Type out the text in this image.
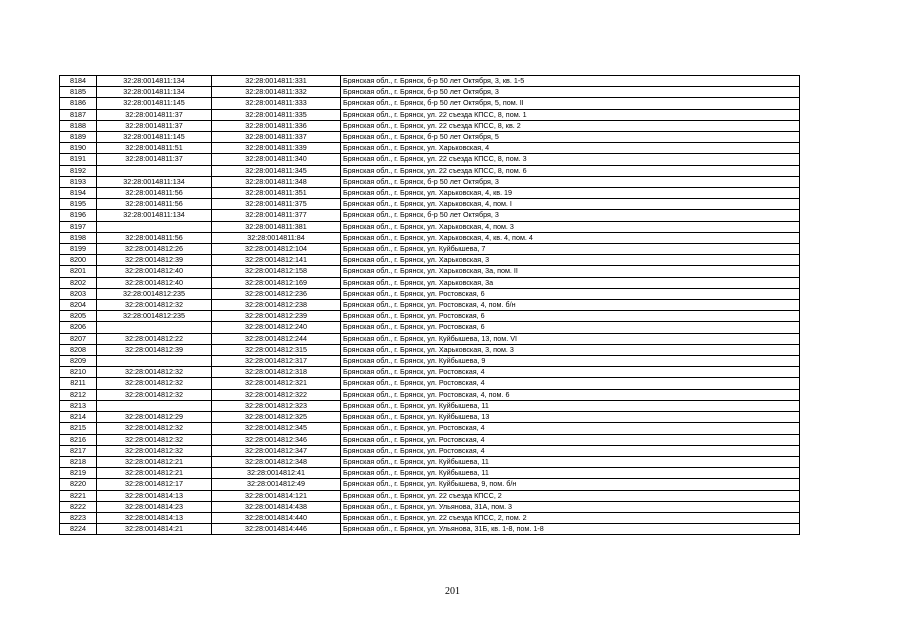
8184	32:28:0014811:134	32:28:0014811:331	Брянская обл., г. Брянск, б-р 50 лет Октября, 3, кв. 1-5
8185	32:28:0014811:134	32:28:0014811:332	Брянская обл., г. Брянск, б-р 50 лет Октября, 3
8186	32:28:0014811:145	32:28:0014811:333	Брянская обл., г. Брянск, б-р 50 лет Октября, 5, пом. II
8187	32:28:0014811:37	32:28:0014811:335	Брянская обл., г. Брянск, ул. 22 съезда КПСС, 8, пом. 1
8188	32:28:0014811:37	32:28:0014811:336	Брянская обл., г. Брянск, ул. 22 съезда КПСС, 8, кв. 2
8189	32:28:0014811:145	32:28:0014811:337	Брянская обл., г. Брянск, б-р 50 лет Октября, 5
8190	32:28:0014811:51	32:28:0014811:339	Брянская обл., г. Брянск, ул. Харьковская, 4
8191	32:28:0014811:37	32:28:0014811:340	Брянская обл., г. Брянск, ул. 22 съезда КПСС, 8, пом. 3
8192		32:28:0014811:345	Брянская обл., г. Брянск, ул. 22 съезда КПСС, 8, пом. 6
8193	32:28:0014811:134	32:28:0014811:348	Брянская обл., г. Брянск, б-р 50 лет Октября, 3
8194	32:28:0014811:56	32:28:0014811:351	Брянская обл., г. Брянск, ул. Харьковская, 4, кв. 19
8195	32:28:0014811:56	32:28:0014811:375	Брянская обл., г. Брянск, ул. Харьковская, 4, пом. I
8196	32:28:0014811:134	32:28:0014811:377	Брянская обл., г. Брянск, б-р 50 лет Октября, 3
8197		32:28:0014811:381	Брянская обл., г. Брянск, ул. Харьковская, 4, пом. 3
8198	32:28:0014811:56	32:28:0014811:84	Брянская обл., г. Брянск, ул. Харьковская, 4, кв. 4, пом. 4
8199	32:28:0014812:26	32:28:0014812:104	Брянская обл., г. Брянск, ул. Куйбышева, 7
8200	32:28:0014812:39	32:28:0014812:141	Брянская обл., г. Брянск, ул. Харьковская, 3
8201	32:28:0014812:40	32:28:0014812:158	Брянская обл., г. Брянск, ул. Харьковская, 3а, пом. II
8202	32:28:0014812:40	32:28:0014812:169	Брянская обл., г. Брянск, ул. Харьковская, 3а
8203	32:28:0014812:235	32:28:0014812:236	Брянская обл., г. Брянск, ул. Ростовская, 6
8204	32:28:0014812:32	32:28:0014812:238	Брянская обл., г. Брянск, ул. Ростовская, 4, пом. б/н
8205	32:28:0014812:235	32:28:0014812:239	Брянская обл., г. Брянск, ул. Ростовская, 6
8206		32:28:0014812:240	Брянская обл., г. Брянск, ул. Ростовская, 6
8207	32:28:0014812:22	32:28:0014812:244	Брянская обл., г. Брянск, ул. Куйбышева, 13, пом. VI
8208	32:28:0014812:39	32:28:0014812:315	Брянская обл., г. Брянск, ул. Харьковская, 3, пом. 3
8209		32:28:0014812:317	Брянская обл., г. Брянск, ул. Куйбышева, 9
8210	32:28:0014812:32	32:28:0014812:318	Брянская обл., г. Брянск, ул. Ростовская, 4
8211	32:28:0014812:32	32:28:0014812:321	Брянская обл., г. Брянск, ул. Ростовская, 4
8212	32:28:0014812:32	32:28:0014812:322	Брянская обл., г. Брянск, ул. Ростовская, 4, пом. 6
8213		32:28:0014812:323	Брянская обл., г. Брянск, ул. Куйбышева, 11
8214	32:28:0014812:29	32:28:0014812:325	Брянская обл., г. Брянск, ул. Куйбышева, 13
8215	32:28:0014812:32	32:28:0014812:345	Брянская обл., г. Брянск, ул. Ростовская, 4
8216	32:28:0014812:32	32:28:0014812:346	Брянская обл., г. Брянск, ул. Ростовская, 4
8217	32:28:0014812:32	32:28:0014812:347	Брянская обл., г. Брянск, ул. Ростовская, 4
8218	32:28:0014812:21	32:28:0014812:348	Брянская обл., г. Брянск, ул. Куйбышева, 11
8219	32:28:0014812:21	32:28:0014812:41	Брянская обл., г. Брянск, ул. Куйбышева, 11
8220	32:28:0014812:17	32:28:0014812:49	Брянская обл., г. Брянск, ул. Куйбышева, 9, пом. б/н
8221	32:28:0014814:13	32:28:0014814:121	Брянская обл., г. Брянск, ул. 22 съезда КПСС, 2
8222	32:28:0014814:23	32:28:0014814:438	Брянская обл., г. Брянск, ул. Ульянова, 31А, пом. 3
8223	32:28:0014814:13	32:28:0014814:440	Брянская обл., г. Брянск, ул. 22 съезда КПСС, 2, пом. 2
8224	32:28:0014814:21	32:28:0014814:446	Брянская обл., г. Брянск, ул. Ульянова, 31Б, кв. 1-8, пом. 1-8
201
